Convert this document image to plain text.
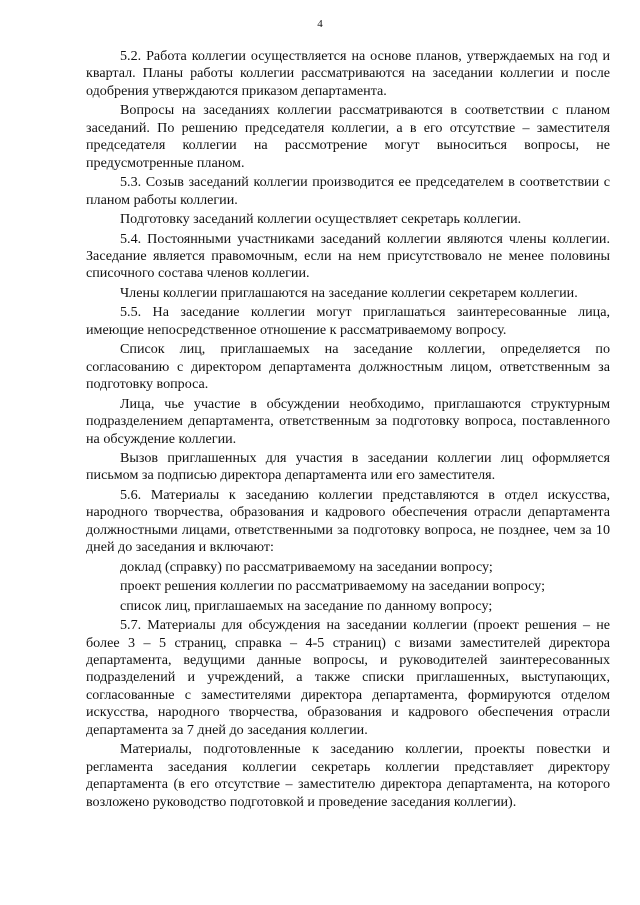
4

5.2. Работа коллегии осуществляется на основе планов, утверждаемых на год и квартал. Планы работы коллегии рассматриваются на заседании коллегии и после одобрения утверждаются приказом департамента.

Вопросы на заседаниях коллегии рассматриваются в соответствии с планом заседаний. По решению председателя коллегии, а в его отсутствие – заместителя председателя коллегии на рассмотрение могут выноситься вопросы, не предусмотренные планом.

5.3. Созыв заседаний коллегии производится ее председателем в соответствии с планом работы коллегии.

Подготовку заседаний коллегии осуществляет секретарь коллегии.

5.4. Постоянными участниками заседаний коллегии являются члены коллегии. Заседание является правомочным, если на нем присутствовало не менее половины списочного состава членов коллегии.

Члены коллегии приглашаются на заседание коллегии секретарем коллегии.

5.5. На заседание коллегии могут приглашаться заинтересованные лица, имеющие непосредственное отношение к рассматриваемому вопросу.

Список лиц, приглашаемых на заседание коллегии, определяется по согласованию с директором департамента должностным лицом, ответственным за подготовку вопроса.

Лица, чье участие в обсуждении необходимо, приглашаются структурным подразделением департамента, ответственным за подготовку вопроса, поставленного на обсуждение коллегии.

Вызов приглашенных для участия в заседании коллегии лиц оформляется письмом за подписью директора департамента или его заместителя.

5.6. Материалы к заседанию коллегии представляются в отдел искусства, народного творчества, образования и кадрового обеспечения отрасли департамента должностными лицами, ответственными за подготовку вопроса, не позднее, чем за 10 дней до заседания и включают:

доклад (справку) по рассматриваемому на заседании вопросу;

проект решения коллегии по рассматриваемому на заседании вопросу;

список лиц, приглашаемых на заседание по данному вопросу;

5.7. Материалы для обсуждения на заседании коллегии (проект решения – не более 3 – 5 страниц, справка – 4-5 страниц) с визами заместителей директора департамента, ведущими данные вопросы, и руководителей заинтересованных подразделений и учреждений, а также списки приглашенных, выступающих, согласованные с заместителями директора департамента, формируются отделом искусства, народного творчества, образования и кадрового обеспечения отрасли департамента за 7 дней до заседания коллегии.

Материалы, подготовленные к заседанию коллегии, проекты повестки и регламента заседания коллегии секретарь коллегии представляет директору департамента (в его отсутствие – заместителю директора департамента, на которого возложено руководство подготовкой и проведение заседания коллегии).
